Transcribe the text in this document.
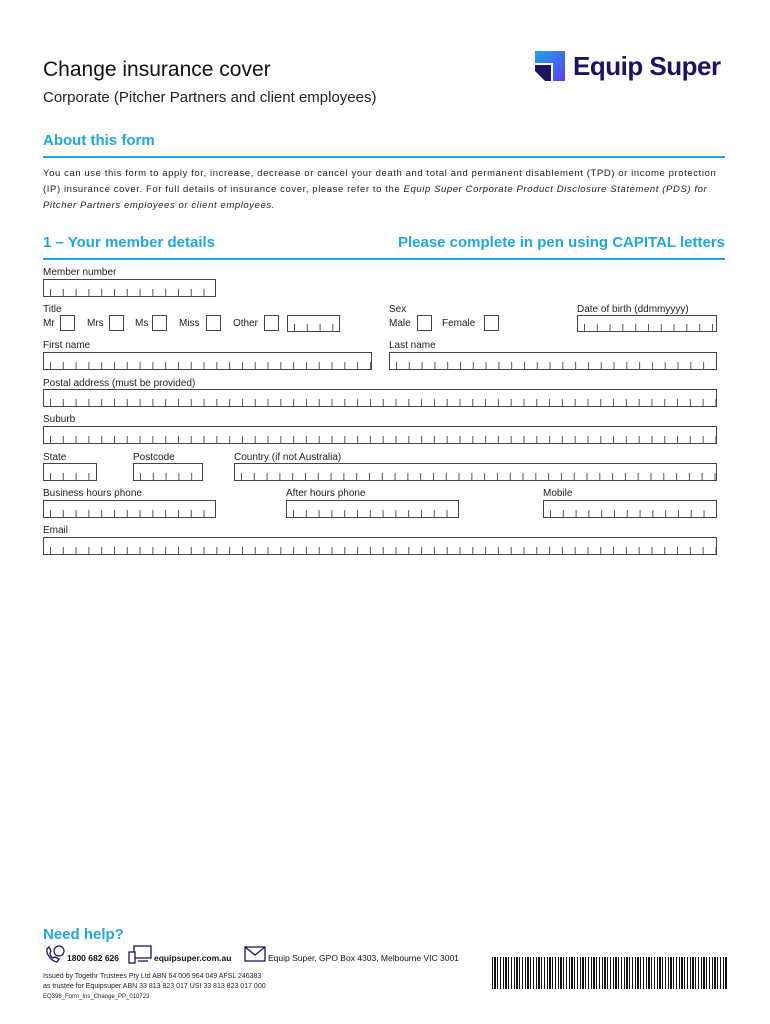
Change insurance cover
Corporate (Pitcher Partners and client employees)
Equip Super
About this form
You can use this form to apply for, increase, decrease or cancel your death and total and permanent disablement (TPD) or income protection (IP) insurance cover. For full details of insurance cover, please refer to the Equip Super Corporate Product Disclosure Statement (PDS) for Pitcher Partners employees or client employees.
1 – Your member details	Please complete in pen using CAPITAL letters
Member number
Title
Mr	Mrs	Ms	Miss	Other
Sex
Male	Female
Date of birth (ddmmyyyy)
First name	Last name
Postal address (must be provided)
Suburb
State	Postcode	Country (if not Australia)
Business hours phone	After hours phone	Mobile
Email
Need help?
1800 682 626	equipsuper.com.au	Equip Super, GPO Box 4303, Melbourne VIC 3001
Issued by Togethr Trustees Pty Ltd ABN 64 006 964 049 AFSL 246383
as trustee for Equipsuper ABN 33 813 823 017 USI 33 813 823 017 000
EQ398_Form_Ins_Change_PP_010723
